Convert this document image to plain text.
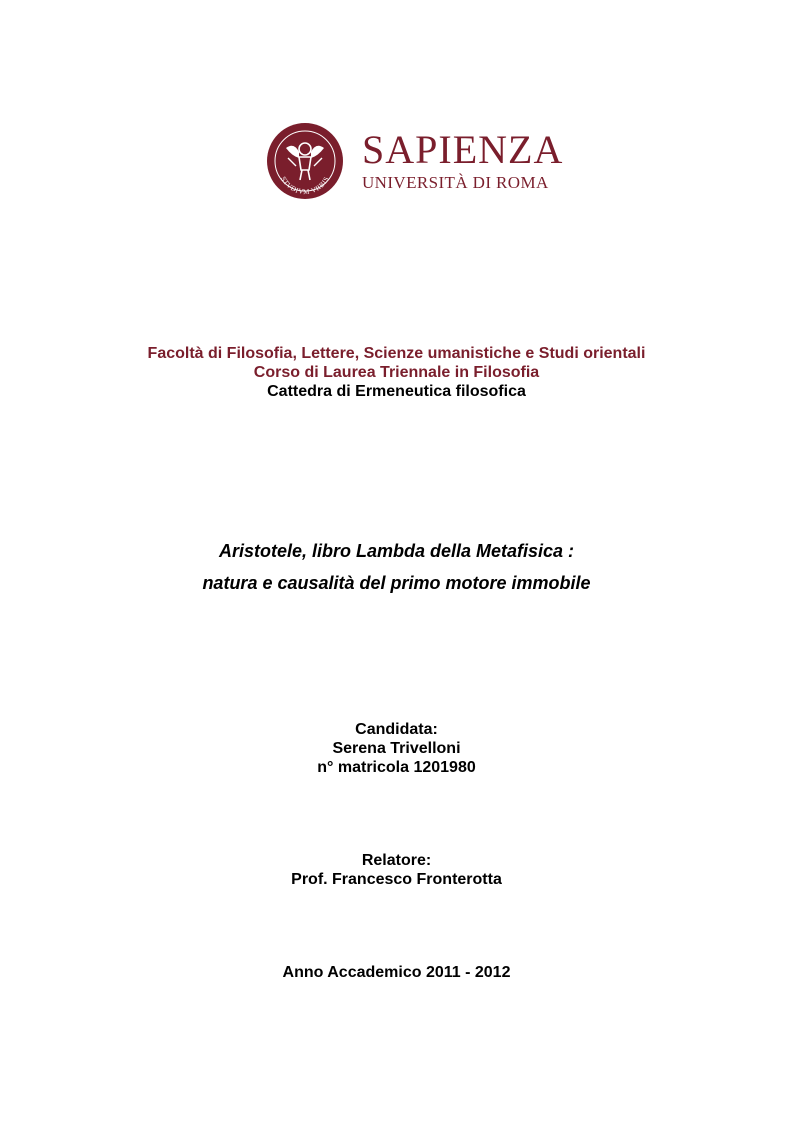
STVDIVM VRBIS
SAPIENZA
UNIVERSITÀ DI ROMA
Facoltà di Filosofia, Lettere, Scienze umanistiche e Studi orientali
Corso di Laurea Triennale in Filosofia
Cattedra di Ermeneutica filosofica
Aristotele, libro Lambda della Metafisica :
natura e causalità del primo motore immobile
Candidata:
Serena Trivelloni
n° matricola 1201980
Relatore:
Prof. Francesco Fronterotta
Anno Accademico 2011 - 2012
